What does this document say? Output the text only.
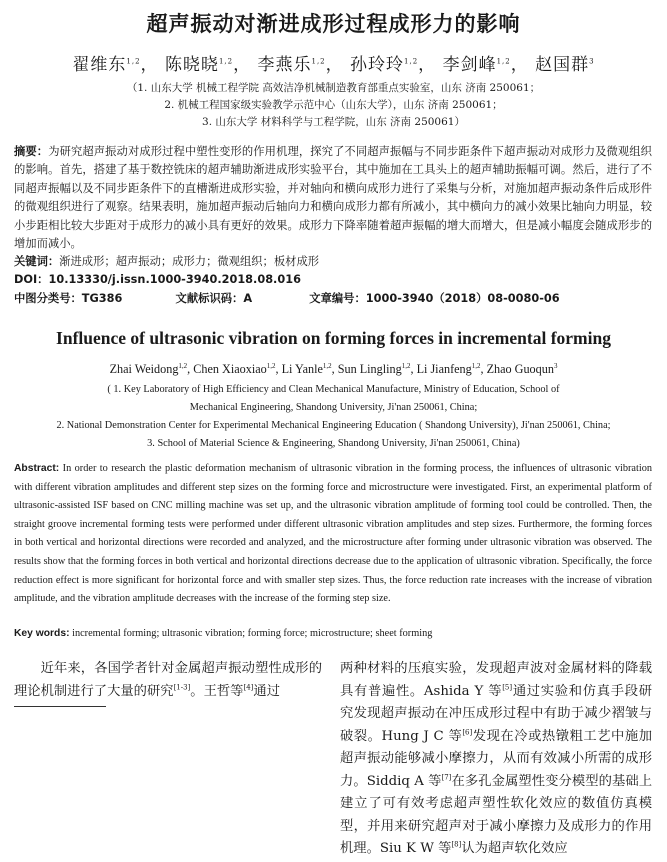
超声振动对渐进成形过程成形力的影响
翟维东$^{1,2}$， 陈晓晓$^{1,2}$， 李燕乐$^{1,2}$， 孙玲玲$^{1,2}$， 李剑峰$^{1,2}$， 赵国群$^3$
（1. 山东大学 机械工程学院 高效洁净机械制造教育部重点实验室，山东 济南 250061；
2. 机械工程国家级实验教学示范中心（山东大学），山东 济南 250061；
3. 山东大学 材料科学与工程学院，山东 济南 250061）
摘要：为研究超声振动对成形过程中塑性变形的作用机理，探究了不同超声振幅与不同步距条件下超声振动对成形力及微观组织的影响。首先，搭建了基于数控铣床的超声辅助渐进成形实验平台，其中施加在工具头上的超声辅助振幅可调。然后，进行了不同超声振幅以及不同步距条件下的直槽渐进成形实验，并对轴向和横向成形力进行了采集与分析，对施加超声振动条件后成形件的微观组织进行了观察。结果表明，施加超声振动后轴向力和横向成形力都有所减小，其中横向力的减小效果比轴向力明显，较小步距相比较大步距对于成形力的减小具有更好的效果。成形力下降率随着超声振幅的增大而增大，但是减小幅度会随成形步的增加而减小。
关键词：渐进成形；超声振动；成形力；微观组织；板材成形
DOI：10.13330/j.issn.1000-3940.2018.08.016
中图分类号：TG386	文献标识码：A	文章编号：1000-3940（2018）08-0080-06
Influence of ultrasonic vibration on forming forces in incremental forming
Zhai Weidong$^{1,2}$, Chen Xiaoxiao$^{1,2}$, Li Yanle$^{1,2}$, Sun Lingling$^{1,2}$, Li Jianfeng$^{1,2}$, Zhao Guoqun$^3$
( 1. Key Laboratory of High Efficiency and Clean Mechanical Manufacture, Ministry of Education, School of
Mechanical Engineering, Shandong University, Ji'nan 250061, China;
2. National Demonstration Center for Experimental Mechanical Engineering Education ( Shandong University), Ji'nan 250061, China;
3. School of Material Science & Engineering, Shandong University, Ji'nan 250061, China)
Abstract: In order to research the plastic deformation mechanism of ultrasonic vibration in the forming process, the influences of ultrasonic vibration with different vibration amplitudes and different step sizes on the forming force and microstructure were investigated. First, an experimental platform of ultrasonic-assisted ISF based on CNC milling machine was set up, and the ultrasonic vibration amplitude of forming tool could be controlled. Then, the straight groove incremental forming tests were performed under different ultrasonic vibration amplitudes and step sizes. Furthermore, the forming forces in both vertical and horizontal directions were recorded and analyzed, and the microstructure after forming under ultrasonic vibration was observed. The results show that the forming forces in both vertical and horizontal directions decrease due to the application of ultrasonic vibration. Specifically, the force reduction effect is more significant for horizontal force and with smaller step sizes. Thus, the force reduction rate increases with the increase of vibration amplitude, and the vibration amplitude decreases with the increase of the forming step size.
Key words: incremental forming; ultrasonic vibration; forming force; microstructure; sheet forming
近年来，各国学者针对金属超声振动塑性成形的理论机制进行了大量的研究[1-3]。王哲等[4]通过
两种材料的压痕实验，发现超声波对金属材料的降载具有普遍性。Ashida Y 等[5]通过实验和仿真手段研究发现超声振动在冲压成形过程中有助于减少褶皱与破裂。Hung J C 等[6]发现在冷或热镦粗工艺中施加超声振动能够减小摩擦力，从而有效减小所需的成形力。Siddiq A 等[7]在多孔金属塑性变分模型的基础上建立了可有效考虑超声塑性软化效应的数值仿真模型，并用来研究超声对于减小摩擦力及成形力的作用机理。Siu K W 等[8]认为超声软化效应
